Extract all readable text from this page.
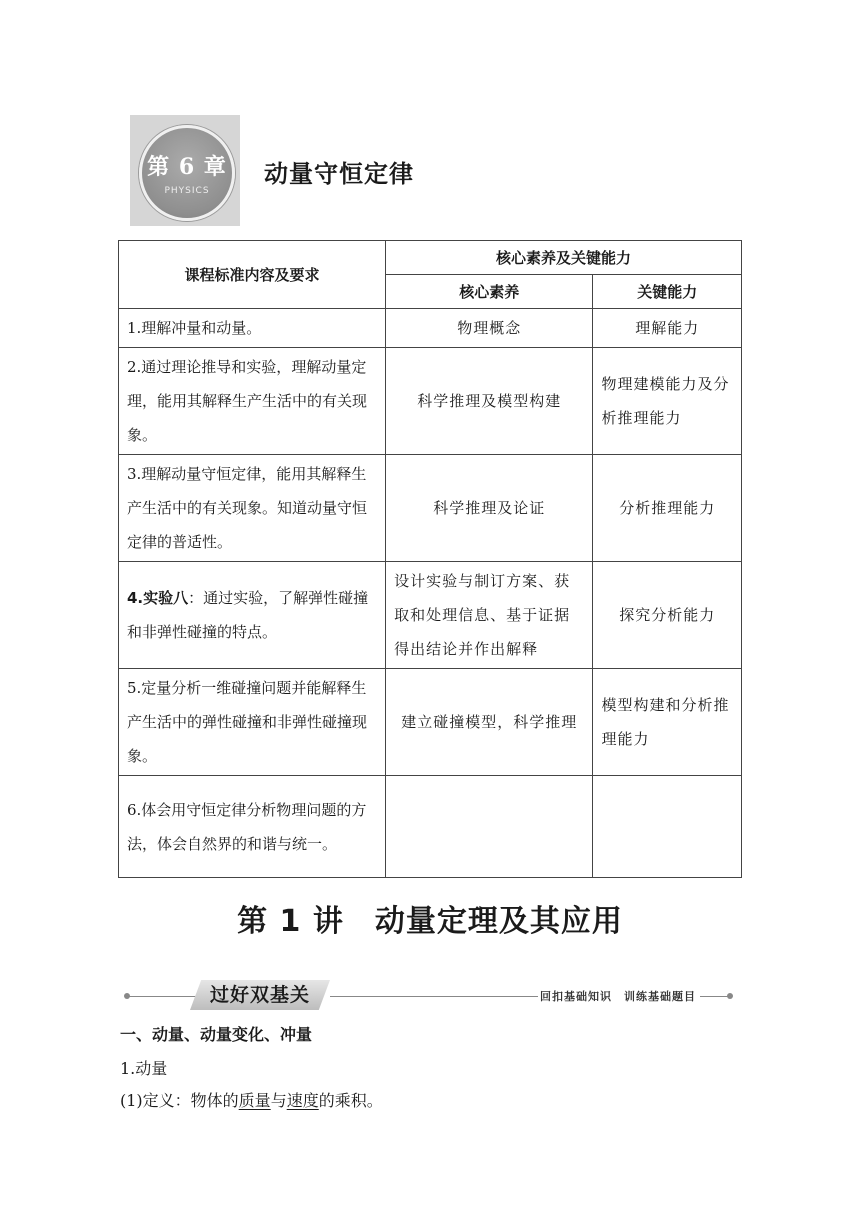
第 6 章
PHYSICS
动量守恒定律
课程标准内容及要求	核心素养及关键能力	
	核心素养	关键能力
1.理解冲量和动量。	物理概念	理解能力
2.通过理论推导和实验，理解动量定理，能用其解释生产生活中的有关现象。	科学推理及模型构建	物理建模能力及分析推理能力
3.理解动量守恒定律，能用其解释生产生活中的有关现象。知道动量守恒定律的普适性。	科学推理及论证	分析推理能力
4.实验八：通过实验，了解弹性碰撞和非弹性碰撞的特点。	设计实验与制订方案、获取和处理信息、基于证据得出结论并作出解释	探究分析能力
5.定量分析一维碰撞问题并能解释生产生活中的弹性碰撞和非弹性碰撞现象。	建立碰撞模型，科学推理	模型构建和分析推理能力
6.体会用守恒定律分析物理问题的方法，体会自然界的和谐与统一。		
第 1 讲　动量定理及其应用
过好双基关	回扣基础知识　训练基础题目
一、动量、动量变化、冲量
1.动量
(1)定义：物体的质量与速度的乘积。
